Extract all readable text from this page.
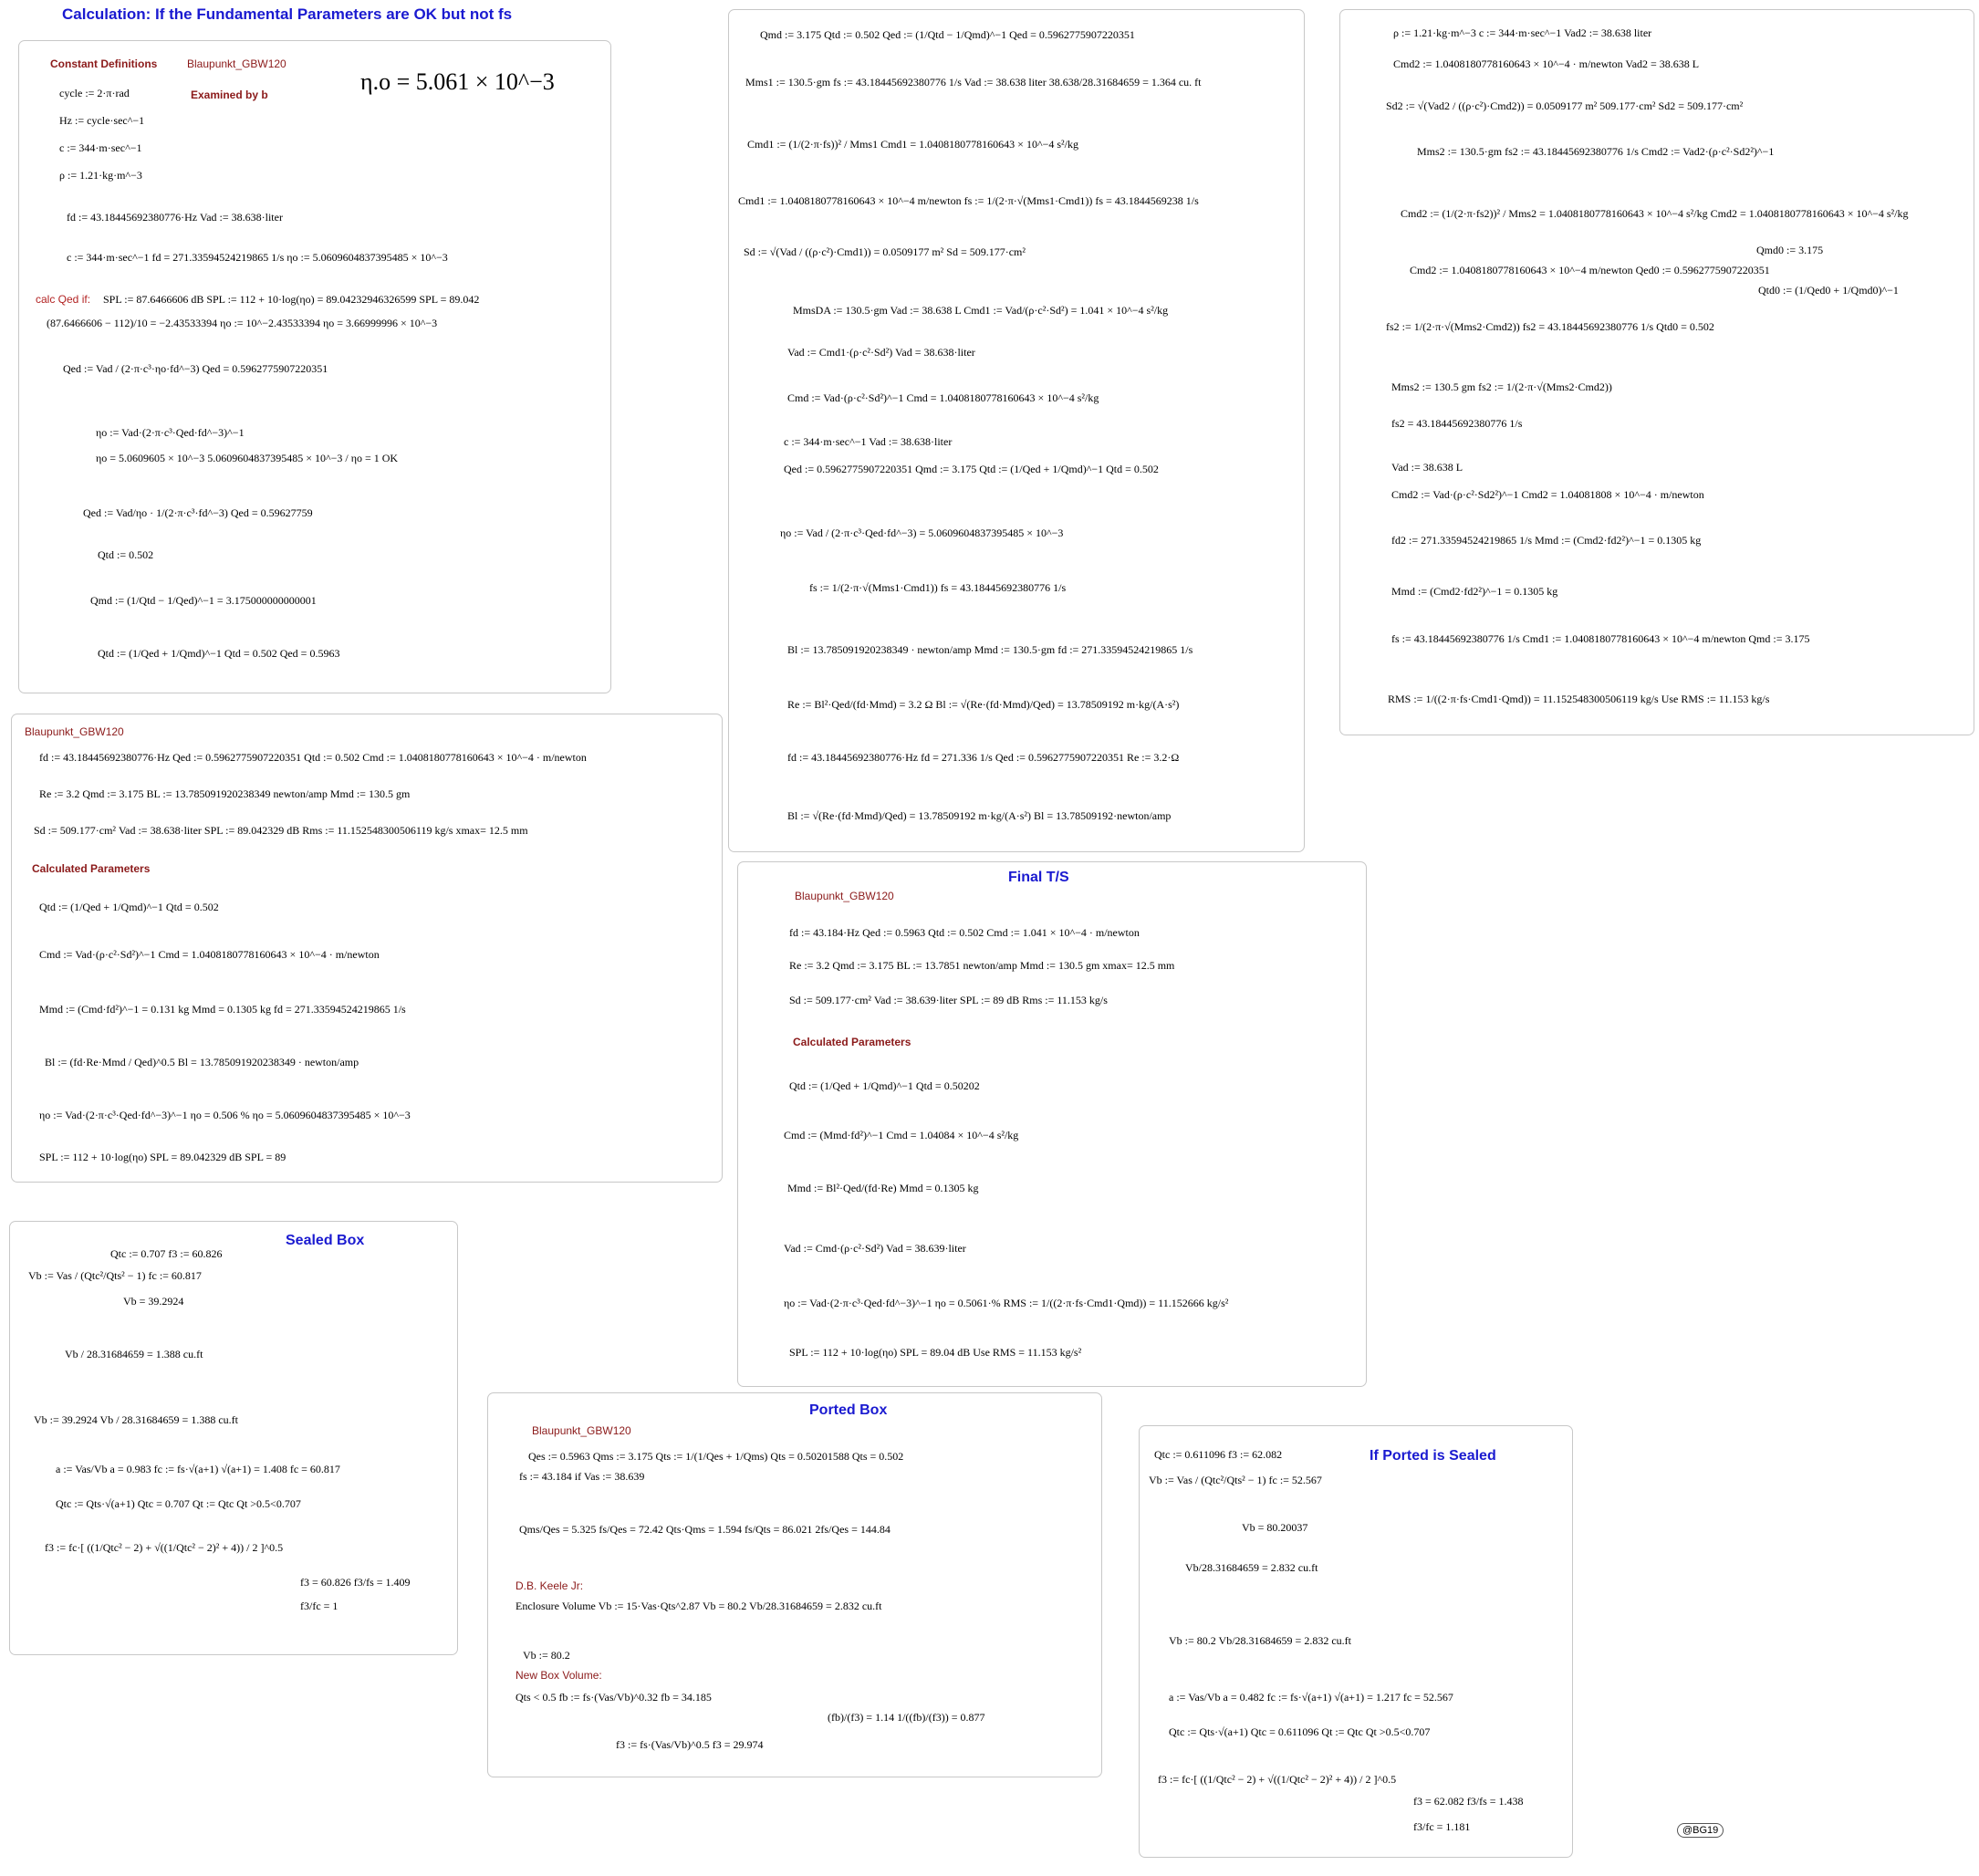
Calculation: If the Fundamental Parameters are OK but not fs
Constant Definitions	Blaupunkt_GBW120
Examined by b	η.o = 5.061 × 10^−3
cycle := 2·π·rad
Hz := cycle·sec^−1
c := 344·m·sec^−1
ρ := 1.21·kg·m^−3
fd := 43.18445692380776·Hz Vad := 38.638·liter
c := 344·m·sec^−1 fd = 271.33594524219865 1/s ηo := 5.0609604837395485 × 10^−3
calc Qed if: SPL := 87.6466606 dB SPL := 112 + 10·log(ηo) = 89.04232946326599 SPL = 89.042
(87.6466606 − 112)/10 = −2.43533394 ηo := 10^−2.43533394 ηo = 3.66999996 × 10^−3
Qed := Vad / (2·π·c³·ηo·fd^−3) Qed = 0.5962775907220351
ηo := Vad·(2·π·c³·Qed·fd^−3)^−1
ηo = 5.0609605 × 10^−3 5.0609604837395485 × 10^−3 / ηo = 1 OK
Qed := Vad/ηo · 1/(2·π·c³·fd^−3) Qed = 0.59627759
Qtd := 0.502
Qmd := (1/Qtd − 1/Qed)^−1 = 3.175000000000001
Qtd := (1/Qed + 1/Qmd)^−1 Qtd = 0.502 Qed = 0.5963
Blaupunkt_GBW120
fd := 43.18445692380776·Hz Qed := 0.5962775907220351 Qtd := 0.502 Cmd := 1.0408180778160643 × 10^−4 · m/newton
Re := 3.2 Qmd := 3.175 BL := 13.785091920238349 newton/amp Mmd := 130.5 gm
Sd := 509.177·cm² Vad := 38.638·liter SPL := 89.042329 dB Rms := 11.152548300506119 kg/s xmax= 12.5 mm
Calculated Parameters
Qtd := (1/Qed + 1/Qmd)^−1 Qtd = 0.502
Cmd := Vad·(ρ·c²·Sd²)^−1 Cmd = 1.0408180778160643 × 10^−4 · m/newton
Mmd := (Cmd·fd²)^−1 = 0.131 kg Mmd = 0.1305 kg fd = 271.33594524219865 1/s
Bl := (fd·Re·Mmd / Qed)^0.5 Bl = 13.785091920238349 · newton/amp
ηo := Vad·(2·π·c³·Qed·fd^−3)^−1 ηo = 0.506 % ηo = 5.0609604837395485 × 10^−3
SPL := 112 + 10·log(ηo) SPL = 89.042329 dB SPL = 89
Sealed Box
Qtc := 0.707 f3 := 60.826
Vb := Vas / (Qtc²/Qts² − 1) fc := 60.817
Vb = 39.2924
Vb / 28.31684659 = 1.388 cu.ft
Vb := 39.2924 Vb / 28.31684659 = 1.388 cu.ft
a := Vas/Vb a = 0.983 fc := fs·√(a+1) √(a+1) = 1.408 fc = 60.817
Qtc := Qts·√(a+1) Qtc = 0.707 Qt := Qtc Qt >0.5<0.707
f3 := fc·[ ((1/Qtc² − 2) + √((1/Qtc² − 2)² + 4)) / 2 ]^0.5
f3 = 60.826 f3/fs = 1.409
f3/fc = 1
Qmd := 3.175 Qtd := 0.502 Qed := (1/Qtd − 1/Qmd)^−1 Qed = 0.5962775907220351
Mms1 := 130.5·gm fs := 43.18445692380776 1/s Vad := 38.638 liter 38.638/28.31684659 = 1.364 cu. ft
Cmd1 := (1/(2·π·fs))² / Mms1 Cmd1 = 1.0408180778160643 × 10^−4 s²/kg
Cmd1 := 1.0408180778160643 × 10^−4 m/newton fs := 1/(2·π·√(Mms1·Cmd1)) fs = 43.1844569238 1/s
Sd := √(Vad / ((ρ·c²)·Cmd1)) = 0.0509177 m² Sd = 509.177·cm²
MmsDA := 130.5·gm Vad := 38.638 L Cmd1 := Vad/(ρ·c²·Sd²) = 1.041 × 10^−4 s²/kg
Vad := Cmd1·(ρ·c²·Sd²) Vad = 38.638·liter
Cmd := Vad·(ρ·c²·Sd²)^−1 Cmd = 1.0408180778160643 × 10^−4 s²/kg
c := 344·m·sec^−1 Vad := 38.638·liter
Qed := 0.5962775907220351 Qmd := 3.175 Qtd := (1/Qed + 1/Qmd)^−1 Qtd = 0.502
ηo := Vad / (2·π·c³·Qed·fd^−3) = 5.0609604837395485 × 10^−3
fs := 1/(2·π·√(Mms1·Cmd1)) fs = 43.18445692380776 1/s
Bl := 13.785091920238349 · newton/amp Mmd := 130.5·gm fd := 271.33594524219865 1/s
Re := Bl²·Qed/(fd·Mmd) = 3.2 Ω Bl := √(Re·(fd·Mmd)/Qed) = 13.78509192 m·kg/(A·s²)
fd := 43.18445692380776·Hz fd = 271.336 1/s Qed := 0.5962775907220351 Re := 3.2·Ω
Bl := √(Re·(fd·Mmd)/Qed) = 13.78509192 m·kg/(A·s²) Bl = 13.78509192·newton/amp
ρ := 1.21·kg·m^−3 c := 344·m·sec^−1 Vad2 := 38.638 liter
Cmd2 := 1.0408180778160643 × 10^−4 · m/newton Vad2 = 38.638 L
Sd2 := √(Vad2 / ((ρ·c²)·Cmd2)) = 0.0509177 m² 509.177·cm² Sd2 = 509.177·cm²
Mms2 := 130.5·gm fs2 := 43.18445692380776 1/s Cmd2 := Vad2·(ρ·c²·Sd2²)^−1
Cmd2 := (1/(2·π·fs2))² / Mms2 = 1.0408180778160643 × 10^−4 s²/kg Cmd2 = 1.0408180778160643 × 10^−4 s²/kg
Cmd2 := 1.0408180778160643 × 10^−4 m/newton Qed0 := 0.5962775907220351
Qmd0 := 3.175
Qtd0 := (1/Qed0 + 1/Qmd0)^−1
fs2 := 1/(2·π·√(Mms2·Cmd2)) fs2 = 43.18445692380776 1/s Qtd0 = 0.502
Mms2 := 130.5 gm fs2 := 1/(2·π·√(Mms2·Cmd2))
fs2 = 43.18445692380776 1/s
Vad := 38.638 L
Cmd2 := Vad·(ρ·c²·Sd2²)^−1 Cmd2 = 1.04081808 × 10^−4 · m/newton
fd2 := 271.33594524219865 1/s Mmd := (Cmd2·fd2²)^−1 = 0.1305 kg
Mmd := (Cmd2·fd2²)^−1 = 0.1305 kg
fs := 43.18445692380776 1/s Cmd1 := 1.0408180778160643 × 10^−4 m/newton Qmd := 3.175
RMS := 1/((2·π·fs·Cmd1·Qmd)) = 11.152548300506119 kg/s Use RMS := 11.153 kg/s
Final T/S
Blaupunkt_GBW120
fd := 43.184·Hz Qed := 0.5963 Qtd := 0.502 Cmd := 1.041 × 10^−4 · m/newton
Re := 3.2 Qmd := 3.175 BL := 13.7851 newton/amp Mmd := 130.5 gm xmax= 12.5 mm
Sd := 509.177·cm² Vad := 38.639·liter SPL := 89 dB Rms := 11.153 kg/s
Calculated Parameters
Qtd := (1/Qed + 1/Qmd)^−1 Qtd = 0.50202
Cmd := (Mmd·fd²)^−1 Cmd = 1.04084 × 10^−4 s²/kg
Mmd := Bl²·Qed/(fd·Re) Mmd = 0.1305 kg
Vad := Cmd·(ρ·c²·Sd²) Vad = 38.639·liter
ηo := Vad·(2·π·c³·Qed·fd^−3)^−1 ηo = 0.5061·% RMS := 1/((2·π·fs·Cmd1·Qmd)) = 11.152666 kg/s²
SPL := 112 + 10·log(ηo) SPL = 89.04 dB Use RMS = 11.153 kg/s²
Ported Box
Blaupunkt_GBW120
Qes := 0.5963 Qms := 3.175 Qts := 1/(1/Qes + 1/Qms) Qts = 0.50201588 Qts = 0.502
fs := 43.184 if Vas := 38.639
Qms/Qes = 5.325 fs/Qes = 72.42 Qts·Qms = 1.594 fs/Qts = 86.021 2fs/Qes = 144.84
D.B. Keele Jr:
Enclosure Volume Vb := 15·Vas·Qts^2.87 Vb = 80.2 Vb/28.31684659 = 2.832 cu.ft
Vb := 80.2
New Box Volume:
Qts < 0.5 fb := fs·(Vas/Vb)^0.32 fb = 34.185
(fb)/(f3) = 1.14 1/((fb)/(f3)) = 0.877
f3 := fs·(Vas/Vb)^0.5 f3 = 29.974
If Ported is Sealed
Qtc := 0.611096 f3 := 62.082
Vb := Vas / (Qtc²/Qts² − 1) fc := 52.567
Vb = 80.20037
Vb/28.31684659 = 2.832 cu.ft
Vb := 80.2 Vb/28.31684659 = 2.832 cu.ft
a := Vas/Vb a = 0.482 fc := fs·√(a+1) √(a+1) = 1.217 fc = 52.567
Qtc := Qts·√(a+1) Qtc = 0.611096 Qt := Qtc Qt >0.5<0.707
f3 := fc·[ ((1/Qtc² − 2) + √((1/Qtc² − 2)² + 4)) / 2 ]^0.5
f3 = 62.082 f3/fs = 1.438
f3/fc = 1.181	@BG19
